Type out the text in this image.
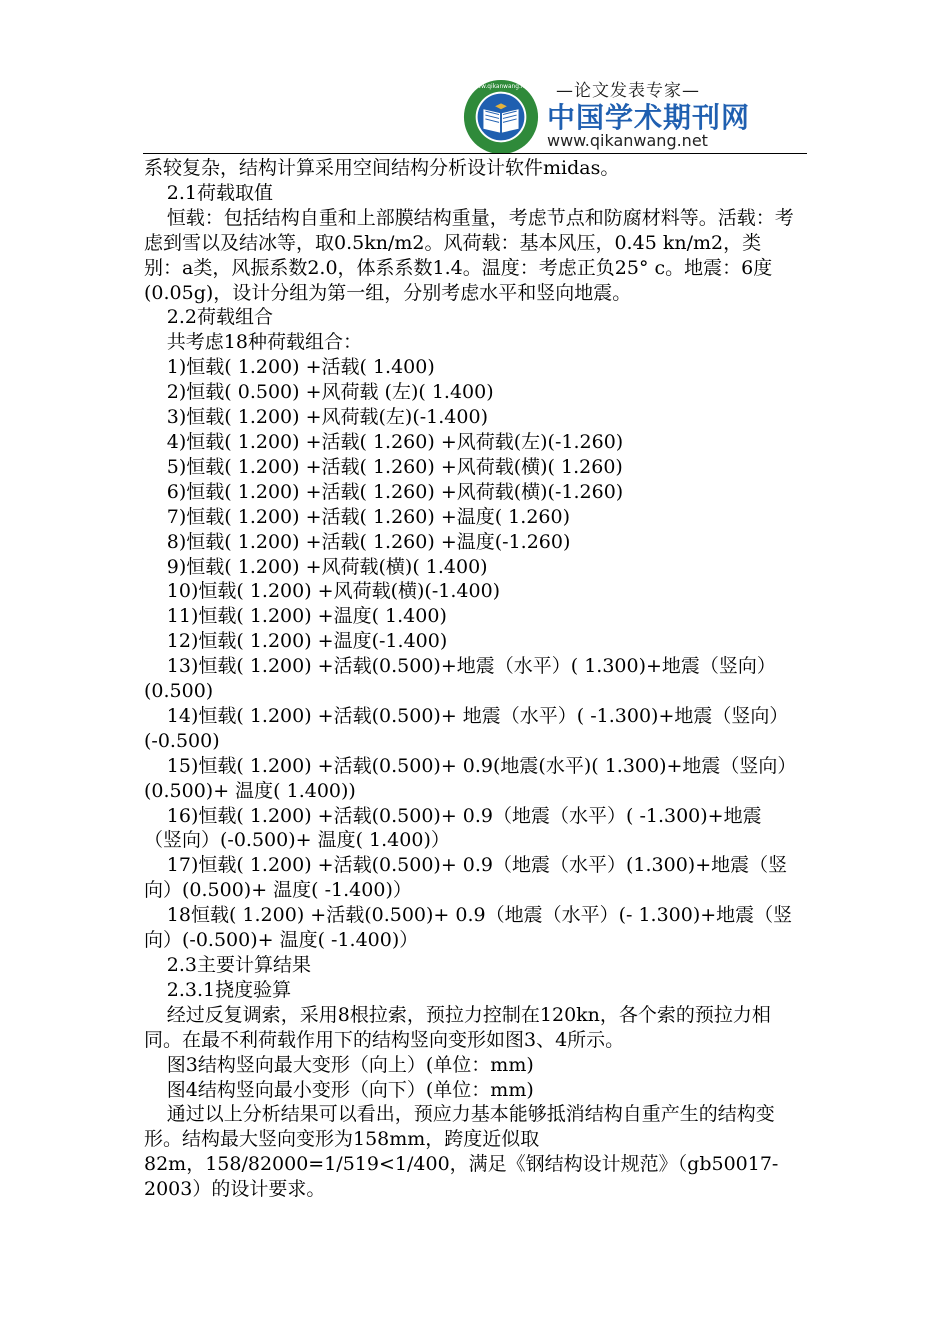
www.qikanwang.net —论文发表专家—
中国学术期刊网
www.qikanwang.net

系较复杂，结构计算采用空间结构分析设计软件midas。

2.1荷载取值

恒载：包括结构自重和上部膜结构重量，考虑节点和防腐材料等。活载：考虑到雪以及结冰等，取0.5kn/m2。风荷载：基本风压，0.45 kn/m2，类别：a类，风振系数2.0，体系系数1.4。温度：考虑正负25° c。地震：6度(0.05g)，设计分组为第一组，分别考虑水平和竖向地震。

2.2荷载组合

共考虑18种荷载组合：

1)恒载( 1.200) +活载( 1.400)

2)恒载( 0.500) +风荷载 (左)( 1.400)

3)恒载( 1.200) +风荷载(左)(-1.400)

4)恒载( 1.200) +活载( 1.260) +风荷载(左)(-1.260)

5)恒载( 1.200) +活载( 1.260) +风荷载(横)( 1.260)

6)恒载( 1.200) +活载( 1.260) +风荷载(横)(-1.260)

7)恒载( 1.200) +活载( 1.260) +温度( 1.260)

8)恒载( 1.200) +活载( 1.260) +温度(-1.260)

9)恒载( 1.200) +风荷载(横)( 1.400)

10)恒载( 1.200) +风荷载(横)(-1.400)

11)恒载( 1.200) +温度( 1.400)

12)恒载( 1.200) +温度(-1.400)

13)恒载( 1.200) +活载(0.500)+地震（水平）( 1.300)+地震（竖向）(0.500)

14)恒载( 1.200) +活载(0.500)+ 地震（水平）( -1.300)+地震（竖向）(-0.500)

15)恒载( 1.200) +活载(0.500)+ 0.9(地震(水平)( 1.300)+地震（竖向）(0.500)+ 温度( 1.400))

16)恒载( 1.200) +活载(0.500)+ 0.9（地震（水平）( -1.300)+地震（竖向）(-0.500)+ 温度( 1.400)）

17)恒载( 1.200) +活载(0.500)+ 0.9（地震（水平）(1.300)+地震（竖向）(0.500)+ 温度( -1.400)）

18恒载( 1.200) +活载(0.500)+ 0.9（地震（水平）(- 1.300)+地震（竖向）(-0.500)+ 温度( -1.400)）

2.3主要计算结果

2.3.1挠度验算

经过反复调索，采用8根拉索，预拉力控制在120kn，各个索的预拉力相同。在最不利荷载作用下的结构竖向变形如图3、4所示。

图3结构竖向最大变形（向上）(单位：mm)

图4结构竖向最小变形（向下）(单位：mm)

通过以上分析结果可以看出，预应力基本能够抵消结构自重产生的结构变形。结构最大竖向变形为158mm，跨度近似取

82m，158/82000=1/519<1/400，满足《钢结构设计规范》（gb50017-2003）的设计要求。
